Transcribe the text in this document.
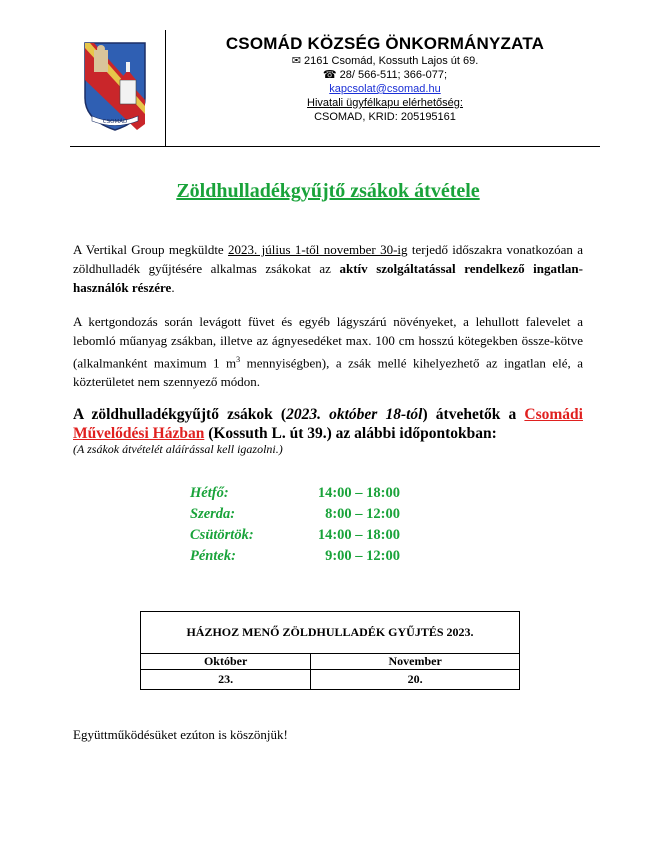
CSOMÁD
CSOMÁD KÖZSÉG ÖNKORMÁNYZATA
✉ 2161 Csomád, Kossuth Lajos út 69.
☎ 28/ 566-511; 366-077;
kapcsolat@csomad.hu
Hivatali ügyfélkapu elérhetőség:
CSOMAD, KRID: 205195161
Zöldhulladékgyűjtő zsákok átvétele
A Vertikal Group megküldte 2023. július 1-től november 30-ig terjedő időszakra vonatkozóan a zöldhulladék gyűjtésére alkalmas zsákokat az aktív szolgáltatással rendelkező ingatlan-használók részére.
A kertgondozás során levágott füvet és egyéb lágyszárú növényeket, a lehullott falevelet a lebomló műanyag zsákban, illetve az ágnyesedéket max. 100 cm hosszú kötegekben össze-kötve (alkalmanként maximum 1 $m^3$ mennyiségben), a zsák mellé kihelyezhető az ingatlan elé, a közterületet nem szennyező módon.
A zöldhulladékgyűjtő zsákok (2023. október 18-tól) átvehetők a Csomádi Művelődési Házban (Kossuth L. út 39.) az alábbi időpontokban:
(A zsákok átvételét aláírással kell igazolni.)
Hétfő:	14:00 – 18:00
Szerda:	8:00 – 12:00
Csütörtök:	14:00 – 18:00
Péntek:	9:00 – 12:00
HÁZHOZ MENŐ ZÖLDHULLADÉK GYŰJTÉS 2023.	
Október	November
23.	20.
Együttműködésüket ezúton is köszönjük!
